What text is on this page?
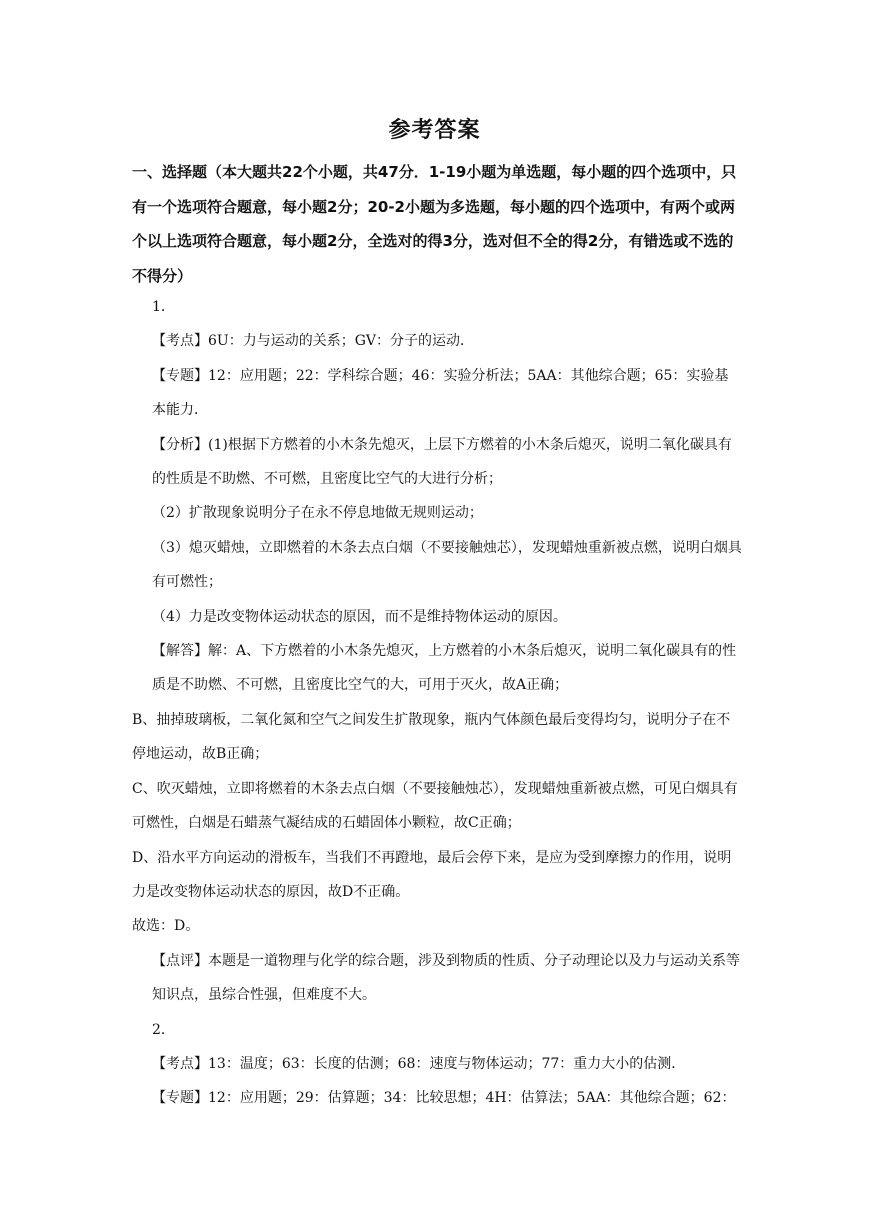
参考答案

一、选择题（本大题共22个小题，共47分．1-19小题为单选题，每小题的四个选项中，只有一个选项符合题意，每小题2分；20-2小题为多选题，每小题的四个选项中，有两个或两个以上选项符合题意，每小题2分，全选对的得3分，选对但不全的得2分，有错选或不选的不得分）

1．

【考点】6U：力与运动的关系；GV：分子的运动．

【专题】12：应用题；22：学科综合题；46：实验分析法；5AA：其他综合题；65：实验基本能力．

【分析】(1)根据下方燃着的小木条先熄灭，上层下方燃着的小木条后熄灭，说明二氧化碳具有的性质是不助燃、不可燃，且密度比空气的大进行分析；

（2）扩散现象说明分子在永不停息地做无规则运动；

（3）熄灭蜡烛，立即燃着的木条去点白烟（不要接触烛芯），发现蜡烛重新被点燃，说明白烟具有可燃性；

（4）力是改变物体运动状态的原因，而不是维持物体运动的原因。

【解答】解：A、下方燃着的小木条先熄灭，上方燃着的小木条后熄灭，说明二氧化碳具有的性质是不助燃、不可燃，且密度比空气的大，可用于灭火，故A正确；

B、抽掉玻璃板，二氧化氮和空气之间发生扩散现象，瓶内气体颜色最后变得均匀，说明分子在不停地运动，故B正确；

C、吹灭蜡烛，立即将燃着的木条去点白烟（不要接触烛芯），发现蜡烛重新被点燃，可见白烟具有可燃性，白烟是石蜡蒸气凝结成的石蜡固体小颗粒，故C正确；

D、沿水平方向运动的滑板车，当我们不再蹬地，最后会停下来，是应为受到摩擦力的作用，说明力是改变物体运动状态的原因，故D不正确。

故选：D。

【点评】本题是一道物理与化学的综合题，涉及到物质的性质、分子动理论以及力与运动关系等知识点，虽综合性强，但难度不大。

2．

【考点】13：温度；63：长度的估测；68：速度与物体运动；77：重力大小的估测．

【专题】12：应用题；29：估算题；34：比较思想；4H：估算法；5AA：其他综合题；62：
